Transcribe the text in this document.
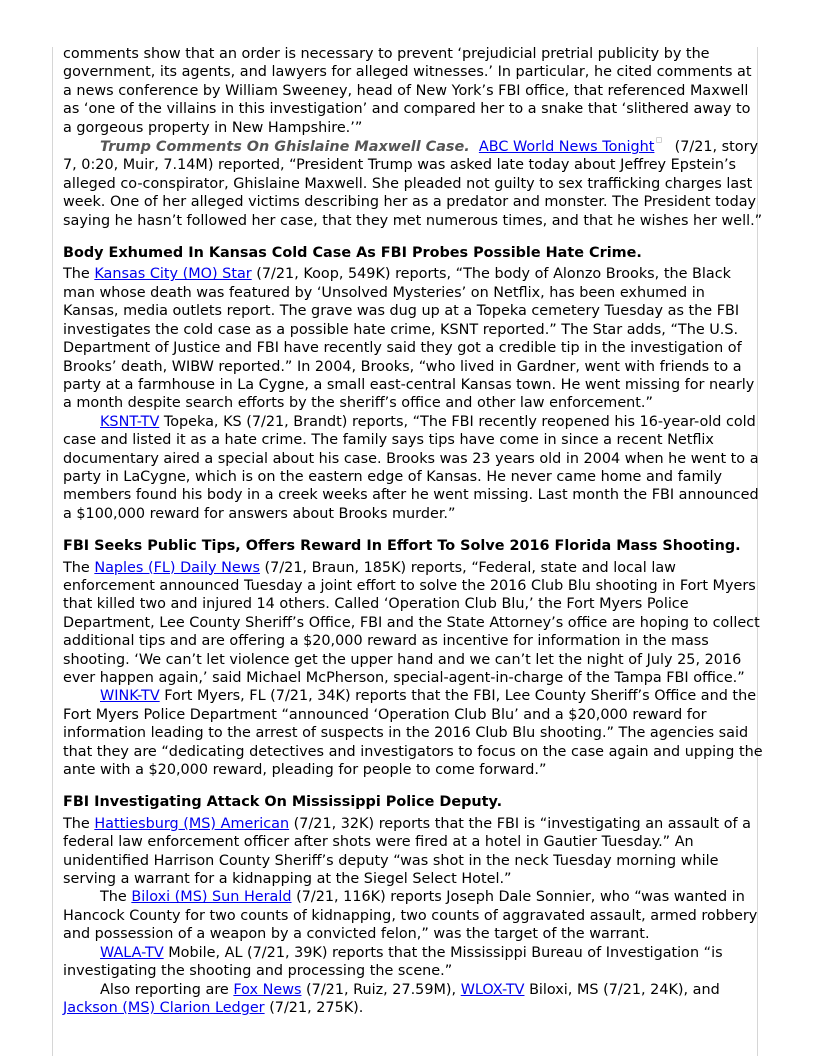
comments show that an order is necessary to prevent ‘prejudicial pretrial publicity by the government, its agents, and lawyers for alleged witnesses.’ In particular, he cited comments at a news conference by William Sweeney, head of New York’s FBI office, that referenced Maxwell as ‘one of the villains in this investigation’ and compared her to a snake that ‘slithered away to a gorgeous property in New Hampshire.’”

Trump Comments On Ghislaine Maxwell Case. ABC World News Tonight (7/21, story 7, 0:20, Muir, 7.14M) reported, “President Trump was asked late today about Jeffrey Epstein’s alleged co-conspirator, Ghislaine Maxwell. She pleaded not guilty to sex trafficking charges last week. One of her alleged victims describing her as a predator and monster. The President today saying he hasn’t followed her case, that they met numerous times, and that he wishes her well.”

Body Exhumed In Kansas Cold Case As FBI Probes Possible Hate Crime.

The Kansas City (MO) Star (7/21, Koop, 549K) reports, “The body of Alonzo Brooks, the Black man whose death was featured by ‘Unsolved Mysteries’ on Netflix, has been exhumed in Kansas, media outlets report. The grave was dug up at a Topeka cemetery Tuesday as the FBI investigates the cold case as a possible hate crime, KSNT reported.” The Star adds, “The U.S. Department of Justice and FBI have recently said they got a credible tip in the investigation of Brooks’ death, WIBW reported.” In 2004, Brooks, “who lived in Gardner, went with friends to a party at a farmhouse in La Cygne, a small east-central Kansas town. He went missing for nearly a month despite search efforts by the sheriff’s office and other law enforcement.”

KSNT-TV Topeka, KS (7/21, Brandt) reports, “The FBI recently reopened his 16-year-old cold case and listed it as a hate crime. The family says tips have come in since a recent Netflix documentary aired a special about his case. Brooks was 23 years old in 2004 when he went to a party in LaCygne, which is on the eastern edge of Kansas. He never came home and family members found his body in a creek weeks after he went missing. Last month the FBI announced a $100,000 reward for answers about Brooks murder.”

FBI Seeks Public Tips, Offers Reward In Effort To Solve 2016 Florida Mass Shooting.

The Naples (FL) Daily News (7/21, Braun, 185K) reports, “Federal, state and local law enforcement announced Tuesday a joint effort to solve the 2016 Club Blu shooting in Fort Myers that killed two and injured 14 others. Called ‘Operation Club Blu,’ the Fort Myers Police Department, Lee County Sheriff’s Office, FBI and the State Attorney’s office are hoping to collect additional tips and are offering a $20,000 reward as incentive for information in the mass shooting. ‘We can’t let violence get the upper hand and we can’t let the night of July 25, 2016 ever happen again,’ said Michael McPherson, special-agent-in-charge of the Tampa FBI office.”

WINK-TV Fort Myers, FL (7/21, 34K) reports that the FBI, Lee County Sheriff’s Office and the Fort Myers Police Department “announced ‘Operation Club Blu’ and a $20,000 reward for information leading to the arrest of suspects in the 2016 Club Blu shooting.” The agencies said that they are “dedicating detectives and investigators to focus on the case again and upping the ante with a $20,000 reward, pleading for people to come forward.”

FBI Investigating Attack On Mississippi Police Deputy.

The Hattiesburg (MS) American (7/21, 32K) reports that the FBI is “investigating an assault of a federal law enforcement officer after shots were fired at a hotel in Gautier Tuesday.” An unidentified Harrison County Sheriff’s deputy “was shot in the neck Tuesday morning while serving a warrant for a kidnapping at the Siegel Select Hotel.”

The Biloxi (MS) Sun Herald (7/21, 116K) reports Joseph Dale Sonnier, who “was wanted in Hancock County for two counts of kidnapping, two counts of aggravated assault, armed robbery and possession of a weapon by a convicted felon,” was the target of the warrant.

WALA-TV Mobile, AL (7/21, 39K) reports that the Mississippi Bureau of Investigation “is investigating the shooting and processing the scene.”

Also reporting are Fox News (7/21, Ruiz, 27.59M), WLOX-TV Biloxi, MS (7/21, 24K), and Jackson (MS) Clarion Ledger (7/21, 275K).
